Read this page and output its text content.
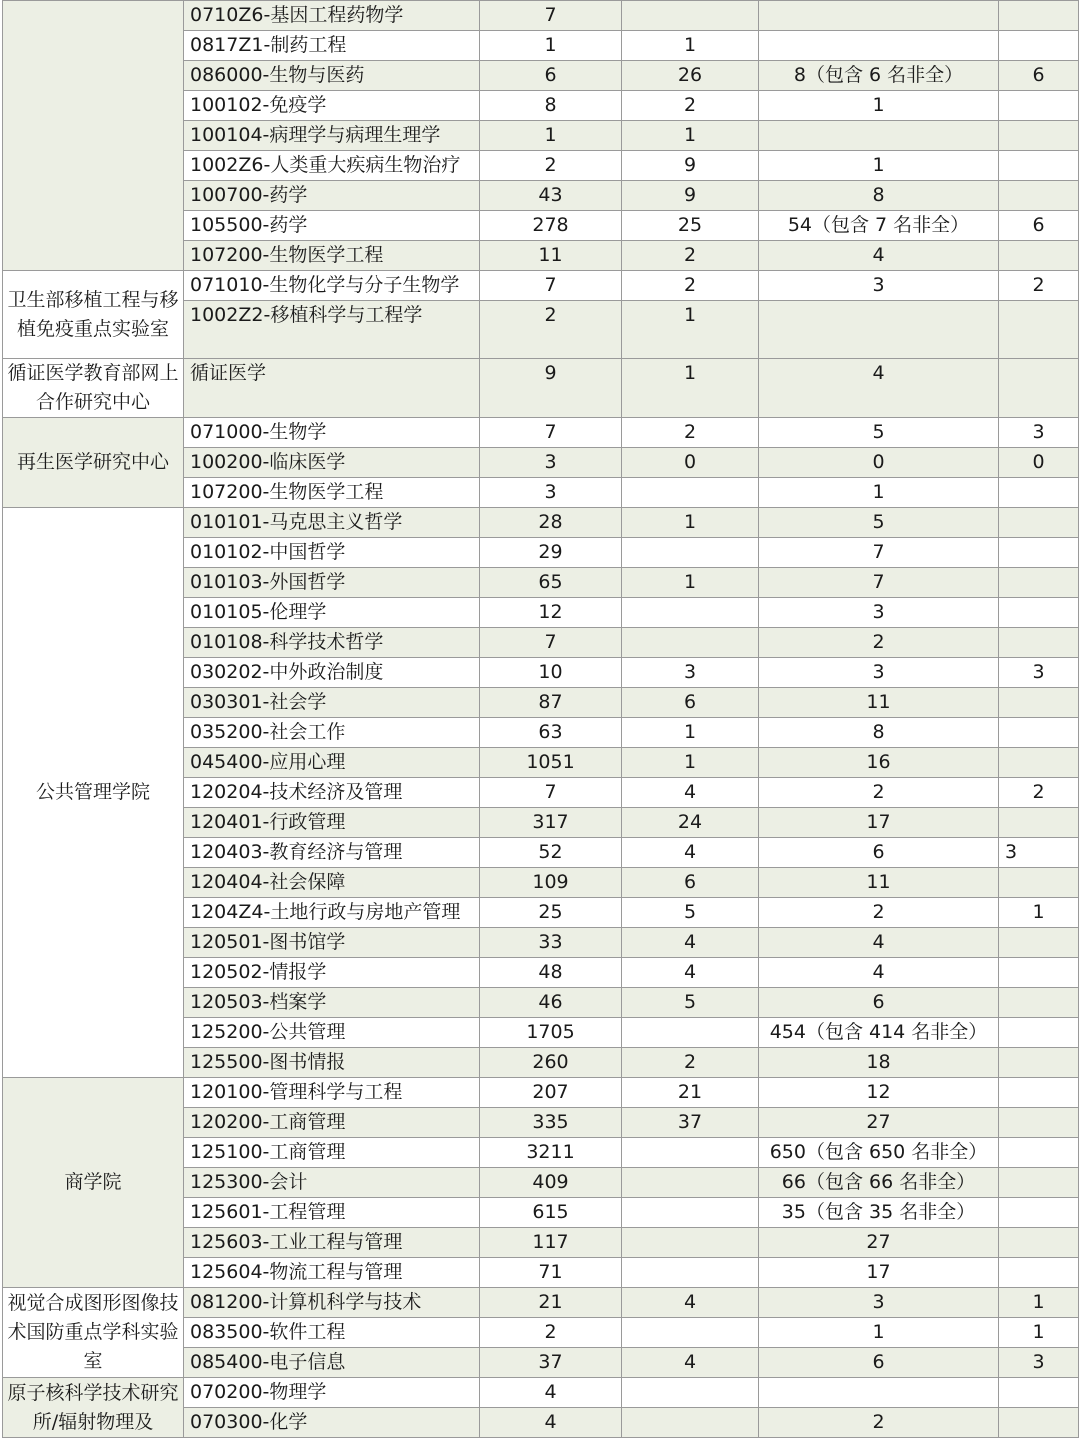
	0710Z6-基因工程药物学	7			
	0817Z1-制药工程	1	1		
	086000-生物与医药	6	26	8（包含 6 名非全）	6
	100102-免疫学	8	2	1	
	100104-病理学与病理生理学	1	1		
	1002Z6-人类重大疾病生物治疗	2	9	1	
	100700-药学	43	9	8	
	105500-药学	278	25	54（包含 7 名非全）	6
	107200-生物医学工程	11	2	4	
卫生部移植工程与移植免疫重点实验室	071010-生物化学与分子生物学	7	2	3	2
	1002Z2-移植科学与工程学	2	1		
循证医学教育部网上合作研究中心	循证医学	9	1	4	
再生医学研究中心	071000-生物学	7	2	5	3
	100200-临床医学	3	0	0	0
	107200-生物医学工程	3		1	
公共管理学院	010101-马克思主义哲学	28	1	5	
	010102-中国哲学	29		7	
	010103-外国哲学	65	1	7	
	010105-伦理学	12		3	
	010108-科学技术哲学	7		2	
	030202-中外政治制度	10	3	3	3
	030301-社会学	87	6	11	
	035200-社会工作	63	1	8	
	045400-应用心理	1051	1	16	
	120204-技术经济及管理	7	4	2	2
	120401-行政管理	317	24	17	
	120403-教育经济与管理	52	4	6	3
	120404-社会保障	109	6	11	
	1204Z4-土地行政与房地产管理	25	5	2	1
	120501-图书馆学	33	4	4	
	120502-情报学	48	4	4	
	120503-档案学	46	5	6	
	125200-公共管理	1705		454（包含 414 名非全）	
	125500-图书情报	260	2	18	
商学院	120100-管理科学与工程	207	21	12	
	120200-工商管理	335	37	27	
	125100-工商管理	3211		650（包含 650 名非全）	
	125300-会计	409		66（包含 66 名非全）	
	125601-工程管理	615		35（包含 35 名非全）	
	125603-工业工程与管理	117		27	
	125604-物流工程与管理	71		17	
视觉合成图形图像技术国防重点学科实验室	081200-计算机科学与技术	21	4	3	1
	083500-软件工程	2		1	1
	085400-电子信息	37	4	6	3
原子核科学技术研究所/辐射物理及	070200-物理学	4			
	070300-化学	4		2	
